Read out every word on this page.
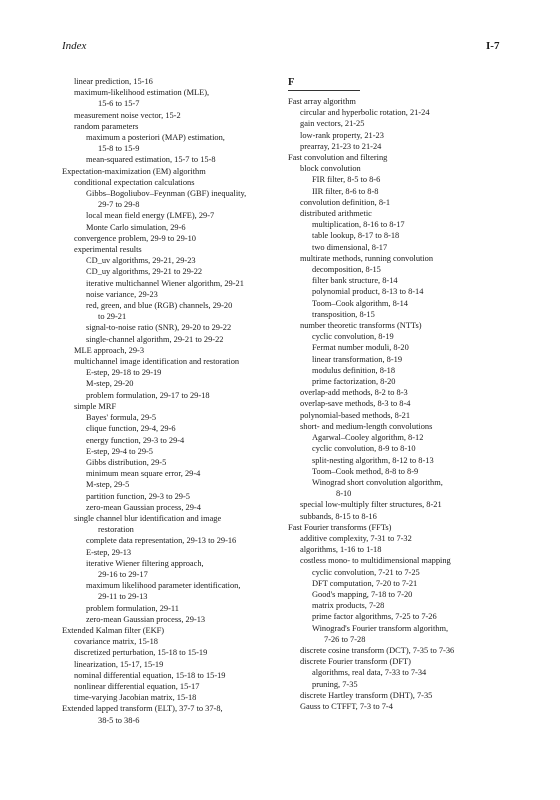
Index	I-7
linear prediction, 15-16
maximum-likelihood estimation (MLE),
15-6 to 15-7
measurement noise vector, 15-2
random parameters
maximum a posteriori (MAP) estimation,
15-8 to 15-9
mean-squared estimation, 15-7 to 15-8
Expectation-maximization (EM) algorithm
conditional expectation calculations
Gibbs–Bogoliubov–Feynman (GBF) inequality,
29-7 to 29-8
local mean field energy (LMFE), 29-7
Monte Carlo simulation, 29-6
convergence problem, 29-9 to 29-10
experimental results
CD_uv algorithms, 29-21, 29-23
CD_uy algorithms, 29-21 to 29-22
iterative multichannel Wiener algorithm, 29-21
noise variance, 29-23
red, green, and blue (RGB) channels, 29-20
to 29-21
signal-to-noise ratio (SNR), 29-20 to 29-22
single-channel algorithm, 29-21 to 29-22
MLE approach, 29-3
multichannel image identification and restoration
E-step, 29-18 to 29-19
M-step, 29-20
problem formulation, 29-17 to 29-18
simple MRF
Bayes' formula, 29-5
clique function, 29-4, 29-6
energy function, 29-3 to 29-4
E-step, 29-4 to 29-5
Gibbs distribution, 29-5
minimum mean square error, 29-4
M-step, 29-5
partition function, 29-3 to 29-5
zero-mean Gaussian process, 29-4
single channel blur identification and image
restoration
complete data representation, 29-13 to 29-16
E-step, 29-13
iterative Wiener filtering approach,
29-16 to 29-17
maximum likelihood parameter identification,
29-11 to 29-13
problem formulation, 29-11
zero-mean Gaussian process, 29-13
Extended Kalman filter (EKF)
covariance matrix, 15-18
discretized perturbation, 15-18 to 15-19
linearization, 15-17, 15-19
nominal differential equation, 15-18 to 15-19
nonlinear differential equation, 15-17
time-varying Jacobian matrix, 15-18
Extended lapped transform (ELT), 37-7 to 37-8,
38-5 to 38-6
F
Fast array algorithm
circular and hyperbolic rotation, 21-24
gain vectors, 21-25
low-rank property, 21-23
prearray, 21-23 to 21-24
Fast convolution and filtering
block convolution
FIR filter, 8-5 to 8-6
IIR filter, 8-6 to 8-8
convolution definition, 8-1
distributed arithmetic
multiplication, 8-16 to 8-17
table lookup, 8-17 to 8-18
two dimensional, 8-17
multirate methods, running convolution
decomposition, 8-15
filter bank structure, 8-14
polynomial product, 8-13 to 8-14
Toom–Cook algorithm, 8-14
transposition, 8-15
number theoretic transforms (NTTs)
cyclic convolution, 8-19
Fermat number moduli, 8-20
linear transformation, 8-19
modulus definition, 8-18
prime factorization, 8-20
overlap-add methods, 8-2 to 8-3
overlap-save methods, 8-3 to 8-4
polynomial-based methods, 8-21
short- and medium-length convolutions
Agarwal–Cooley algorithm, 8-12
cyclic convolution, 8-9 to 8-10
split-nesting algorithm, 8-12 to 8-13
Toom–Cook method, 8-8 to 8-9
Winograd short convolution algorithm,
8-10
special low-multiply filter structures, 8-21
subbands, 8-15 to 8-16
Fast Fourier transforms (FFTs)
additive complexity, 7-31 to 7-32
algorithms, 1-16 to 1-18
costless mono- to multidimensional mapping
cyclic convolution, 7-21 to 7-25
DFT computation, 7-20 to 7-21
Good's mapping, 7-18 to 7-20
matrix products, 7-28
prime factor algorithms, 7-25 to 7-26
Winograd's Fourier transform algorithm,
7-26 to 7-28
discrete cosine transform (DCT), 7-35 to 7-36
discrete Fourier transform (DFT)
algorithms, real data, 7-33 to 7-34
pruning, 7-35
discrete Hartley transform (DHT), 7-35
Gauss to CTFFT, 7-3 to 7-4
